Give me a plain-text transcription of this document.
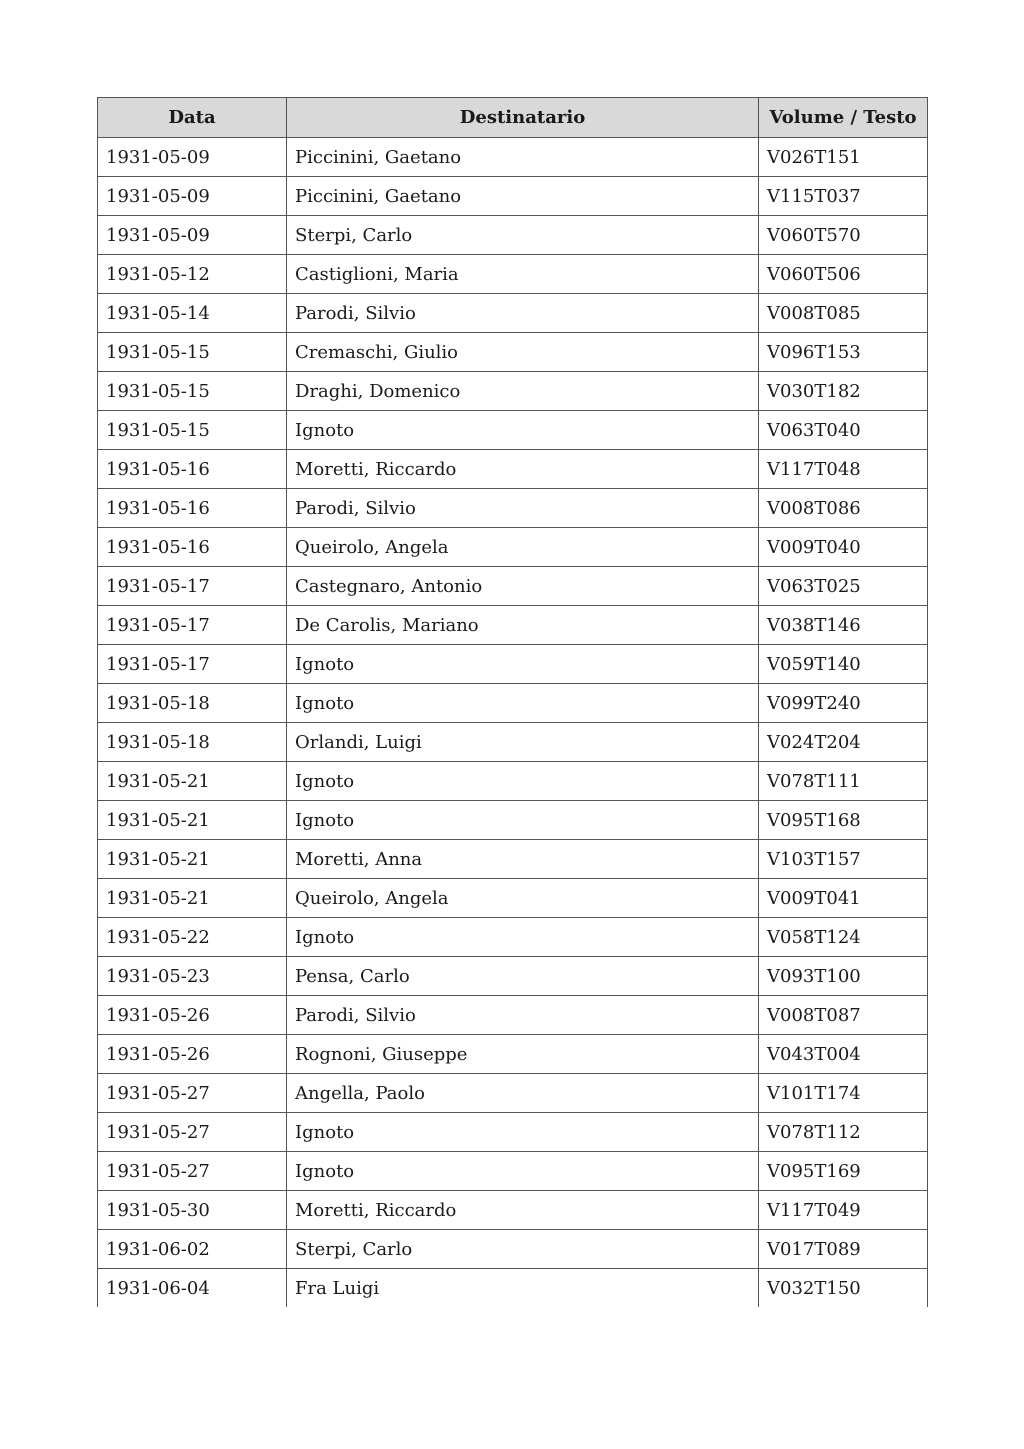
Data	Destinatario	Volume / Testo
1931-05-09	Piccinini, Gaetano	V026T151
1931-05-09	Piccinini, Gaetano	V115T037
1931-05-09	Sterpi, Carlo	V060T570
1931-05-12	Castiglioni, Maria	V060T506
1931-05-14	Parodi, Silvio	V008T085
1931-05-15	Cremaschi, Giulio	V096T153
1931-05-15	Draghi, Domenico	V030T182
1931-05-15	Ignoto	V063T040
1931-05-16	Moretti, Riccardo	V117T048
1931-05-16	Parodi, Silvio	V008T086
1931-05-16	Queirolo, Angela	V009T040
1931-05-17	Castegnaro, Antonio	V063T025
1931-05-17	De Carolis, Mariano	V038T146
1931-05-17	Ignoto	V059T140
1931-05-18	Ignoto	V099T240
1931-05-18	Orlandi, Luigi	V024T204
1931-05-21	Ignoto	V078T111
1931-05-21	Ignoto	V095T168
1931-05-21	Moretti, Anna	V103T157
1931-05-21	Queirolo, Angela	V009T041
1931-05-22	Ignoto	V058T124
1931-05-23	Pensa, Carlo	V093T100
1931-05-26	Parodi, Silvio	V008T087
1931-05-26	Rognoni, Giuseppe	V043T004
1931-05-27	Angella, Paolo	V101T174
1931-05-27	Ignoto	V078T112
1931-05-27	Ignoto	V095T169
1931-05-30	Moretti, Riccardo	V117T049
1931-06-02	Sterpi, Carlo	V017T089
1931-06-04	Fra Luigi	V032T150
